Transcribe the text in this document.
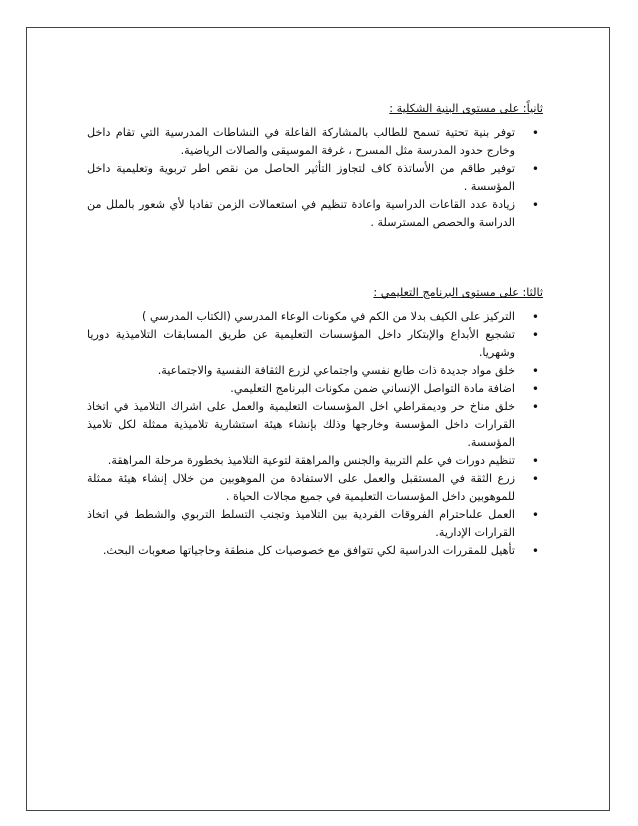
ثانياً: على مستوى البنية الشكلية :

• توفر بنية تحتية تسمح للطالب بالمشاركة الفاعلة في النشاطات المدرسية التي تقام داخل وخارج حدود المدرسة مثل المسرح ، غرفة الموسيقى والصالات الرياضية.
• توفير طاقم من الأساتذة كاف لتجاوز التأثير الحاصل من نقص اطر تربوية وتعليمية داخل المؤسسة .
• زيادة عدد القاعات الدراسية واعادة تنظيم في استعمالات الزمن تفاديا لأي شعور بالملل من الدراسة والحصص المسترسلة .

ثالثا: على مستوى البرنامج التعليمي :

• التركيز على الكيف بدلا من الكم في مكونات الوعاء المدرسي (الكتاب المدرسي )
• تشجيع الأبداع والإبتكار داخل المؤسسات التعليمية عن طريق المسابقات التلاميذية دوريا وشهريا.
• خلق مواد جديدة ذات طابع نفسي واجتماعي لزرع الثقافة النفسية والاجتماعية.
• اضافة مادة التواصل الإنساني ضمن مكونات البرنامج التعليمي.
• خلق مناخ حر وديمقراطي اخل المؤسسات التعليمية والعمل على اشراك التلاميذ في اتخاذ القرارات داخل المؤسسة وخارجها وذلك بإنشاء هيئة استشارية تلاميذية ممثلة لكل تلاميذ المؤسسة.
• تنظيم دورات في علم التربية والجنس والمراهقة لتوعية التلاميذ بخطورة مرحلة المراهقة.
• زرع الثقة في المستقبل والعمل على الاستفادة من الموهوبين من خلال إنشاء هيئة ممثلة للموهوبين داخل المؤسسات التعليمية في جميع مجالات الحياة .
• العمل علىاحترام الفروقات الفردية بين التلاميذ وتجنب التسلط التربوي والشطط في اتخاذ القرارات الإدارية.
• تأهيل للمقررات الدراسية لكي تتوافق مع خصوصيات كل منطقة وحاجياتها صعوبات البحث.
